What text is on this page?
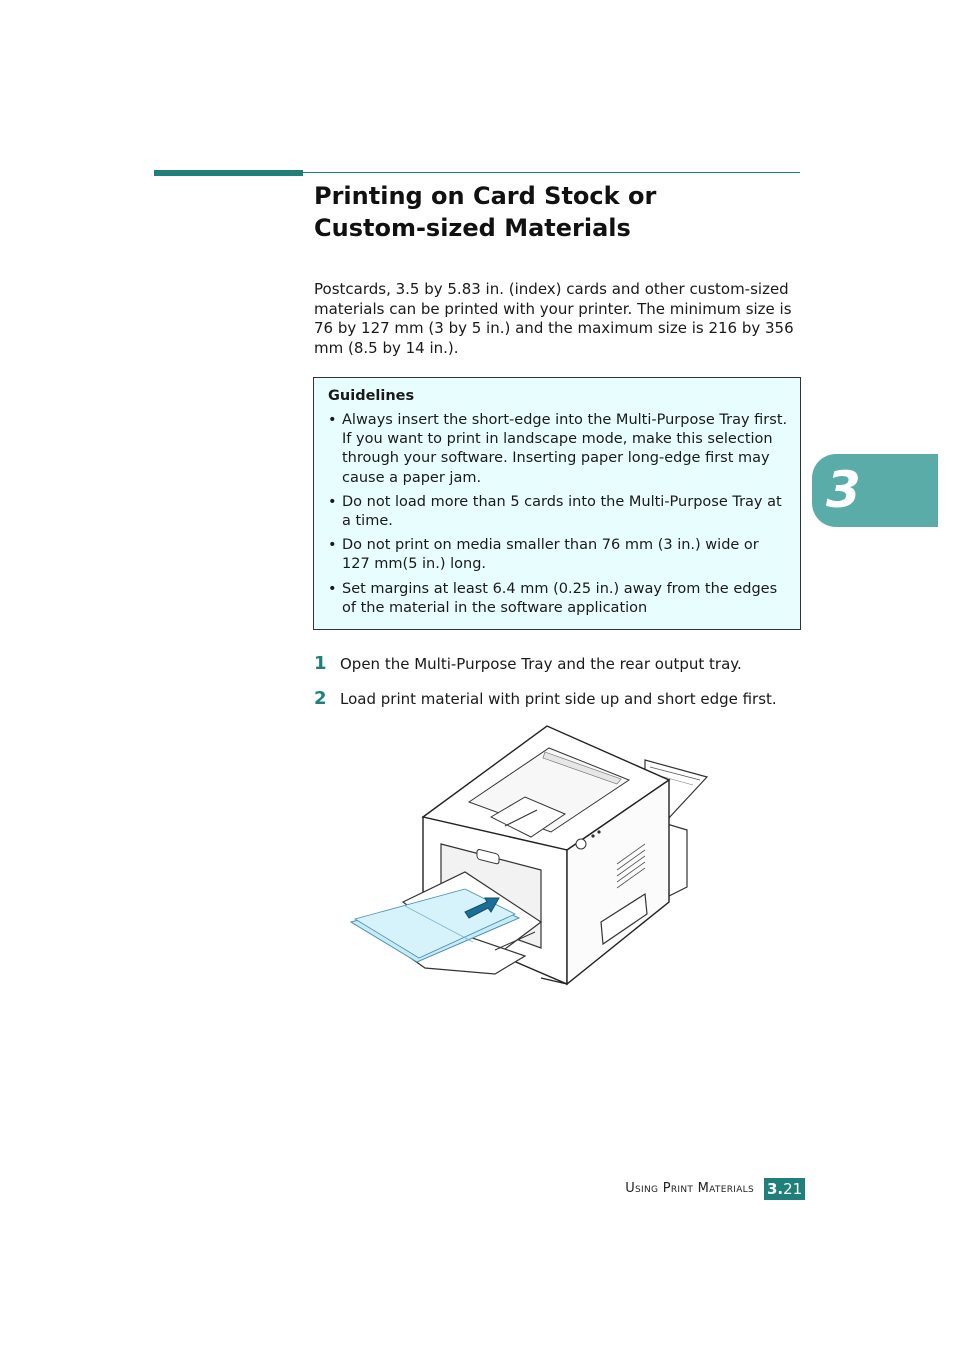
Printing on Card Stock or
Custom-sized Materials

Postcards, 3.5 by 5.83 in. (index) cards and other custom-sized materials can be printed with your printer. The minimum size is 76 by 127 mm (3 by 5 in.) and the maximum size is 216 by 356 mm (8.5 by 14 in.).

Guidelines

• Always insert the short-edge into the Multi-Purpose Tray first. If you want to print in landscape mode, make this selection through your software. Inserting paper long-edge first may cause a paper jam.
• Do not load more than 5 cards into the Multi-Purpose Tray at a time.
• Do not print on media smaller than 76 mm (3 in.) wide or 127 mm(5 in.) long.
• Set margins at least 6.4 mm (0.25 in.) away from the edges of the material in the software application
1 Open the Multi-Purpose Tray and the rear output tray.
2 Load print material with print side up and short edge first.
3
Using Print Materials 3.21
